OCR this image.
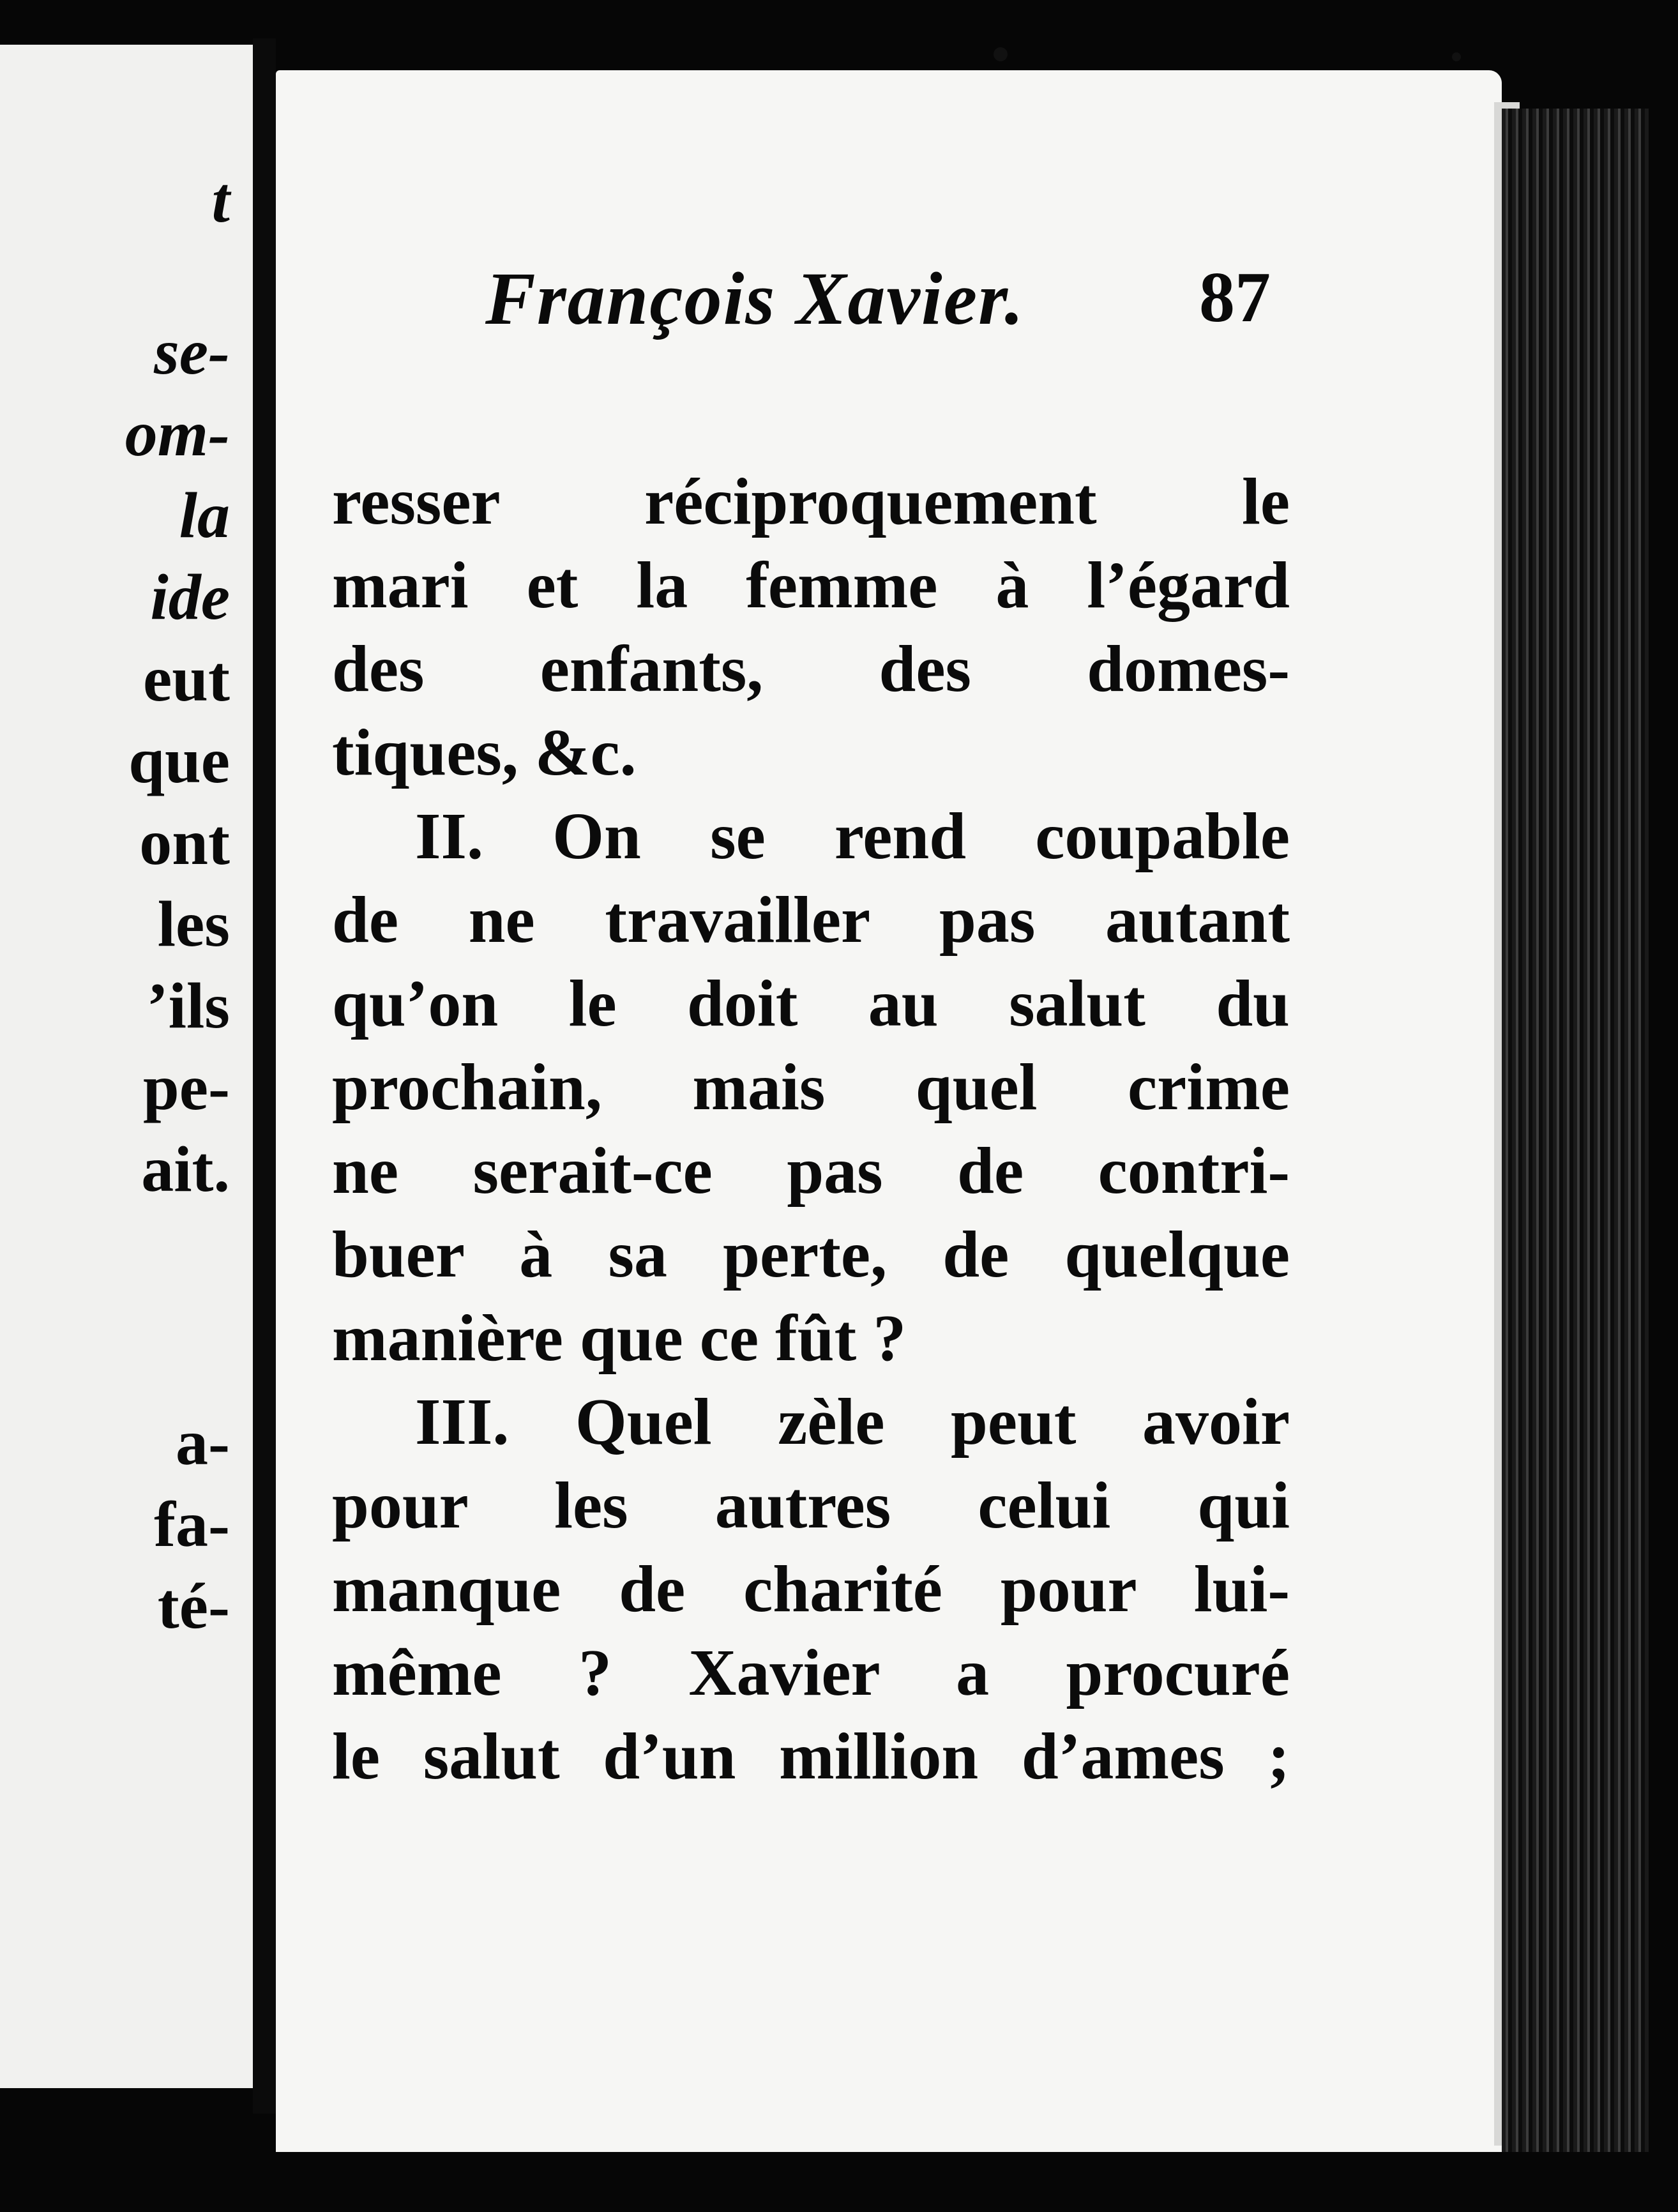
t
se-
om-
la
ide
eut
que
ont
les
’ils
pe-
ait.
a-
fa-
té-
François Xavier. 87
resser réciproquement le
mari et la femme à l’égard
des enfants, des domes-
tiques, &c.
II. On se rend coupable
de ne travailler pas autant
qu’on le doit au salut du
prochain, mais quel crime
ne serait-ce pas de contri-
buer à sa perte, de quelque
manière que ce fût ?
III. Quel zèle peut avoir
pour les autres celui qui
manque de charité pour lui-
même ? Xavier a procuré
le salut d’un million d’ames ;
